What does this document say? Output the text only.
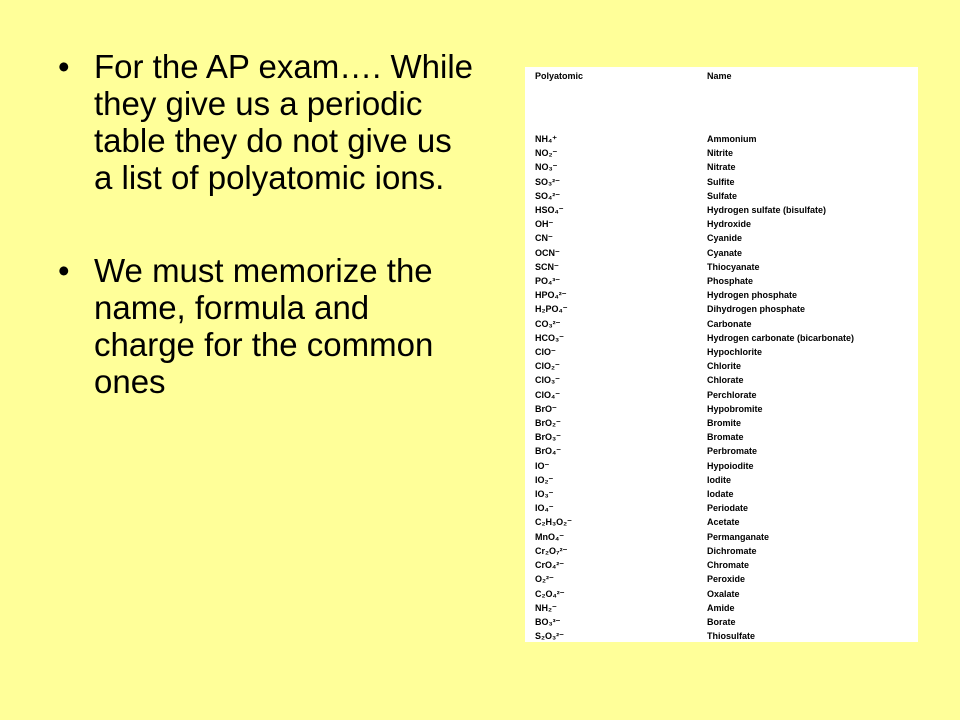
• For the AP exam…. While they give us a periodic table they do not give us a list of polyatomic ions.
• We must memorize the name, formula and charge for the common ones
Polyatomic	Name
NH₄⁺	Ammonium
NO₂⁻	Nitrite
NO₃⁻	Nitrate
SO₃²⁻	Sulfite
SO₄²⁻	Sulfate
HSO₄⁻	Hydrogen sulfate (bisulfate)
OH⁻	Hydroxide
CN⁻	Cyanide
OCN⁻	Cyanate
SCN⁻	Thiocyanate
PO₄³⁻	Phosphate
HPO₄²⁻	Hydrogen phosphate
H₂PO₄⁻	Dihydrogen phosphate
CO₃²⁻	Carbonate
HCO₃⁻	Hydrogen carbonate (bicarbonate)
ClO⁻	Hypochlorite
ClO₂⁻	Chlorite
ClO₃⁻	Chlorate
ClO₄⁻	Perchlorate
BrO⁻	Hypobromite
BrO₂⁻	Bromite
BrO₃⁻	Bromate
BrO₄⁻	Perbromate
IO⁻	Hypoiodite
IO₂⁻	Iodite
IO₃⁻	Iodate
IO₄⁻	Periodate
C₂H₃O₂⁻	Acetate
MnO₄⁻	Permanganate
Cr₂O₇²⁻	Dichromate
CrO₄²⁻	Chromate
O₂²⁻	Peroxide
C₂O₄²⁻	Oxalate
NH₂⁻	Amide
BO₃³⁻	Borate
S₂O₃²⁻	Thiosulfate
